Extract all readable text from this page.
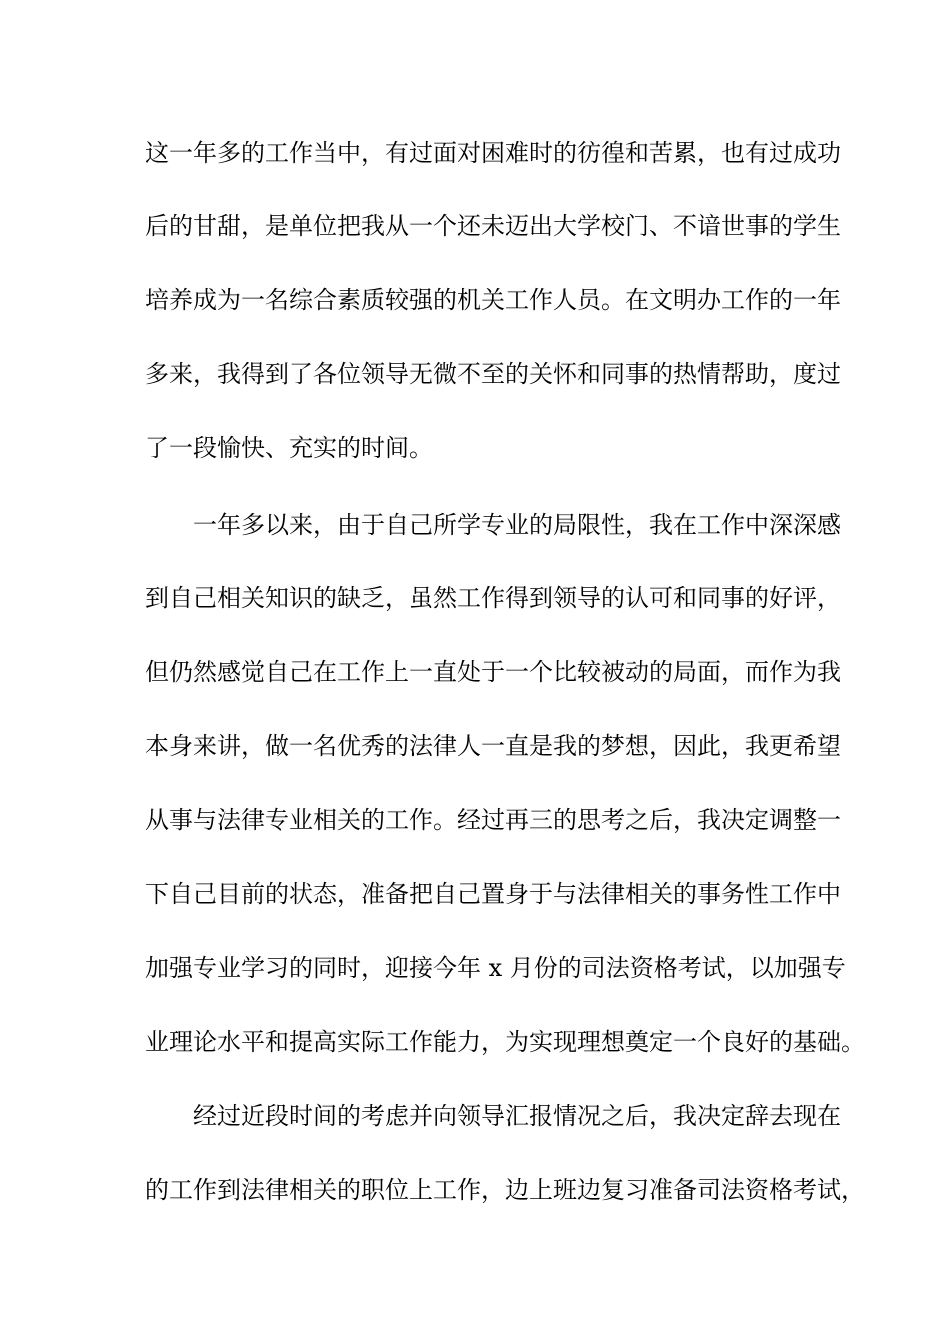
这一年多的工作当中，有过面对困难时的彷徨和苦累，也有过成功
后的甘甜，是单位把我从一个还未迈出大学校门、不谙世事的学生
培养成为一名综合素质较强的机关工作人员。在文明办工作的一年
多来，我得到了各位领导无微不至的关怀和同事的热情帮助，度过
了一段愉快、充实的时间。
一年多以来，由于自己所学专业的局限性，我在工作中深深感
到自己相关知识的缺乏，虽然工作得到领导的认可和同事的好评，
但仍然感觉自己在工作上一直处于一个比较被动的局面，而作为我
本身来讲，做一名优秀的法律人一直是我的梦想，因此，我更希望
从事与法律专业相关的工作。经过再三的思考之后，我决定调整一
下自己目前的状态，准备把自己置身于与法律相关的事务性工作中
加强专业学习的同时，迎接今年 x 月份的司法资格考试，以加强专
业理论水平和提高实际工作能力，为实现理想奠定一个良好的基础。
经过近段时间的考虑并向领导汇报情况之后，我决定辞去现在
的工作到法律相关的职位上工作，边上班边复习准备司法资格考试，
